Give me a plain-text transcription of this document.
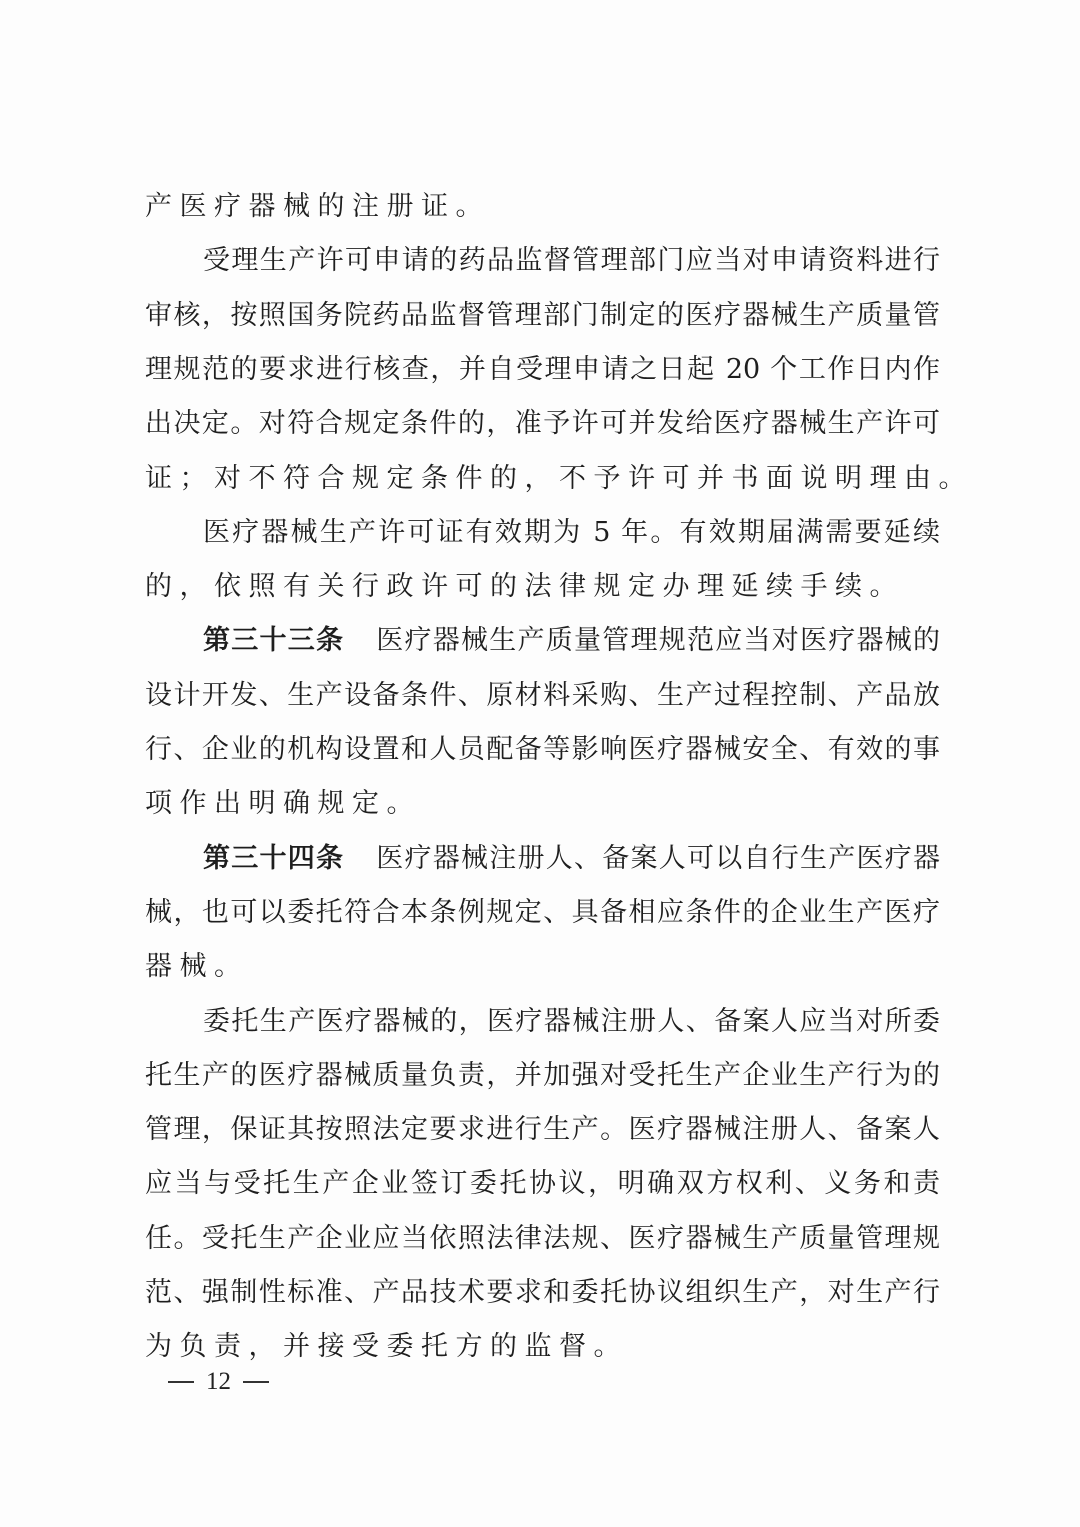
产医疗器械的注册证。
受理生产许可申请的药品监督管理部门应当对申请资料进行
审核，按照国务院药品监督管理部门制定的医疗器械生产质量管
理规范的要求进行核查，并自受理申请之日起 20 个工作日内作
出决定。对符合规定条件的，准予许可并发给医疗器械生产许可
证；对不符合规定条件的，不予许可并书面说明理由。
医疗器械生产许可证有效期为 5 年。有效期届满需要延续
的，依照有关行政许可的法律规定办理延续手续。
第三十三条 医疗器械生产质量管理规范应当对医疗器械的
设计开发、生产设备条件、原材料采购、生产过程控制、产品放
行、企业的机构设置和人员配备等影响医疗器械安全、有效的事
项作出明确规定。
第三十四条 医疗器械注册人、备案人可以自行生产医疗器
械，也可以委托符合本条例规定、具备相应条件的企业生产医疗
器械。
委托生产医疗器械的，医疗器械注册人、备案人应当对所委
托生产的医疗器械质量负责，并加强对受托生产企业生产行为的
管理，保证其按照法定要求进行生产。医疗器械注册人、备案人
应当与受托生产企业签订委托协议，明确双方权利、义务和责
任。受托生产企业应当依照法律法规、医疗器械生产质量管理规
范、强制性标准、产品技术要求和委托协议组织生产，对生产行
为负责，并接受委托方的监督。
12
